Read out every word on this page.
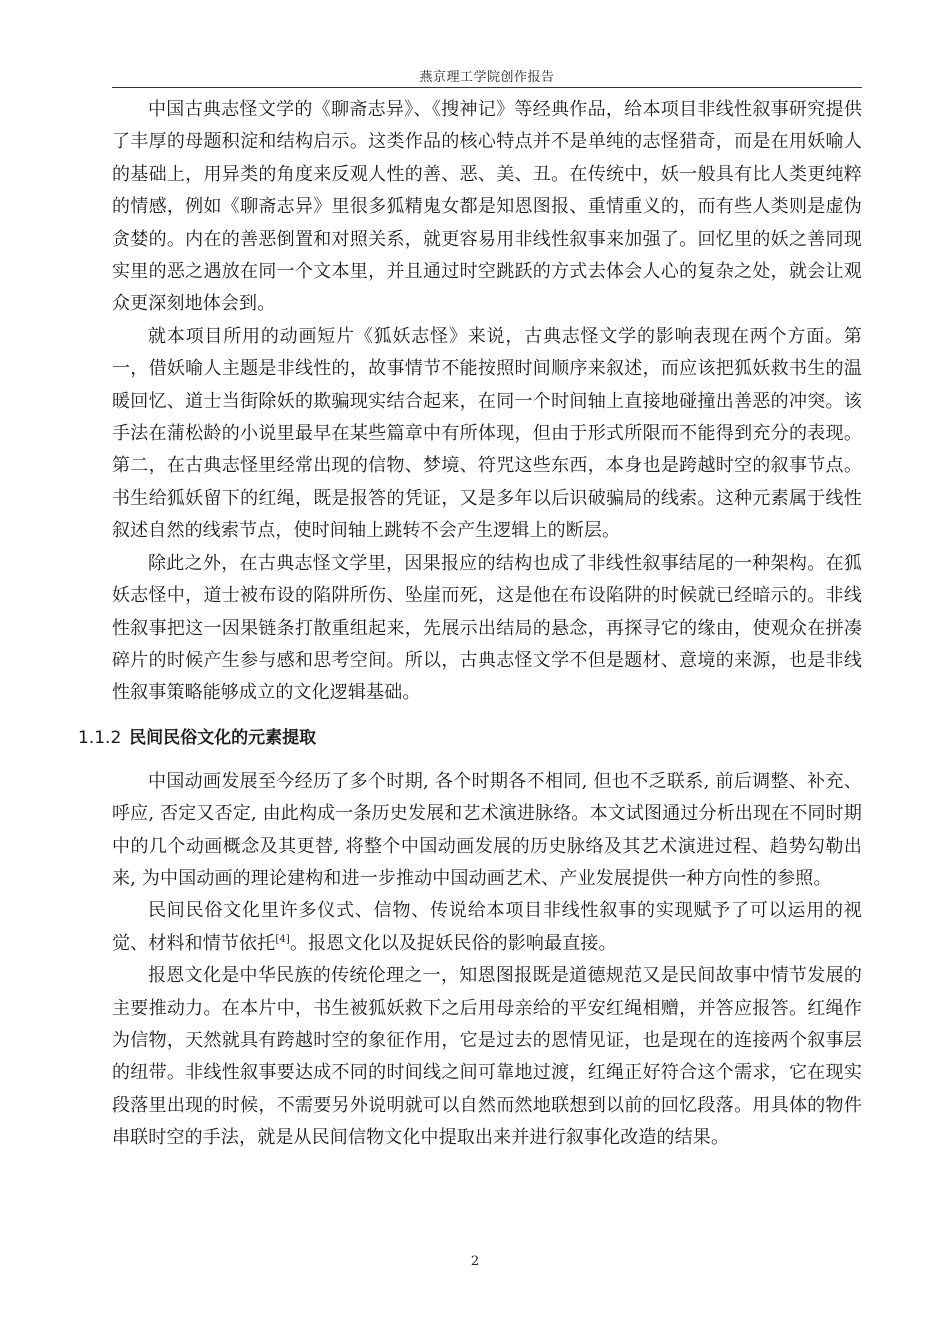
燕京理工学院创作报告

中国古典志怪文学的《聊斋志异》、《搜神记》等经典作品，给本项目非线性叙事研究提供了丰厚的母题积淀和结构启示。这类作品的核心特点并不是单纯的志怪猎奇，而是在用妖喻人的基础上，用异类的角度来反观人性的善、恶、美、丑。在传统中，妖一般具有比人类更纯粹的情感，例如《聊斋志异》里很多狐精鬼女都是知恩图报、重情重义的，而有些人类则是虚伪贪婪的。内在的善恶倒置和对照关系，就更容易用非线性叙事来加强了。回忆里的妖之善同现实里的恶之遇放在同一个文本里，并且通过时空跳跃的方式去体会人心的复杂之处，就会让观众更深刻地体会到。

就本项目所用的动画短片《狐妖志怪》来说，古典志怪文学的影响表现在两个方面。第一，借妖喻人主题是非线性的，故事情节不能按照时间顺序来叙述，而应该把狐妖救书生的温暖回忆、道士当街除妖的欺骗现实结合起来，在同一个时间轴上直接地碰撞出善恶的冲突。该手法在蒲松龄的小说里最早在某些篇章中有所体现，但由于形式所限而不能得到充分的表现。第二，在古典志怪里经常出现的信物、梦境、符咒这些东西，本身也是跨越时空的叙事节点。书生给狐妖留下的红绳，既是报答的凭证，又是多年以后识破骗局的线索。这种元素属于线性叙述自然的线索节点，使时间轴上跳转不会产生逻辑上的断层。

除此之外，在古典志怪文学里，因果报应的结构也成了非线性叙事结尾的一种架构。在狐妖志怪中，道士被布设的陷阱所伤、坠崖而死，这是他在布设陷阱的时候就已经暗示的。非线性叙事把这一因果链条打散重组起来，先展示出结局的悬念，再探寻它的缘由，使观众在拼凑碎片的时候产生参与感和思考空间。所以，古典志怪文学不但是题材、意境的来源，也是非线性叙事策略能够成立的文化逻辑基础。

1.1.2 民间民俗文化的元素提取

中国动画发展至今经历了多个时期, 各个时期各不相同, 但也不乏联系, 前后调整、补充、呼应, 否定又否定, 由此构成一条历史发展和艺术演进脉络。本文试图通过分析出现在不同时期中的几个动画概念及其更替, 将整个中国动画发展的历史脉络及其艺术演进过程、趋势勾勒出来, 为中国动画的理论建构和进一步推动中国动画艺术、产业发展提供一种方向性的参照。

民间民俗文化里许多仪式、信物、传说给本项目非线性叙事的实现赋予了可以运用的视觉、材料和情节依托[4]。报恩文化以及捉妖民俗的影响最直接。

报恩文化是中华民族的传统伦理之一，知恩图报既是道德规范又是民间故事中情节发展的主要推动力。在本片中，书生被狐妖救下之后用母亲给的平安红绳相赠，并答应报答。红绳作为信物，天然就具有跨越时空的象征作用，它是过去的恩情见证，也是现在的连接两个叙事层的纽带。非线性叙事要达成不同的时间线之间可靠地过渡，红绳正好符合这个需求，它在现实段落里出现的时候，不需要另外说明就可以自然而然地联想到以前的回忆段落。用具体的物件串联时空的手法，就是从民间信物文化中提取出来并进行叙事化改造的结果。

2
